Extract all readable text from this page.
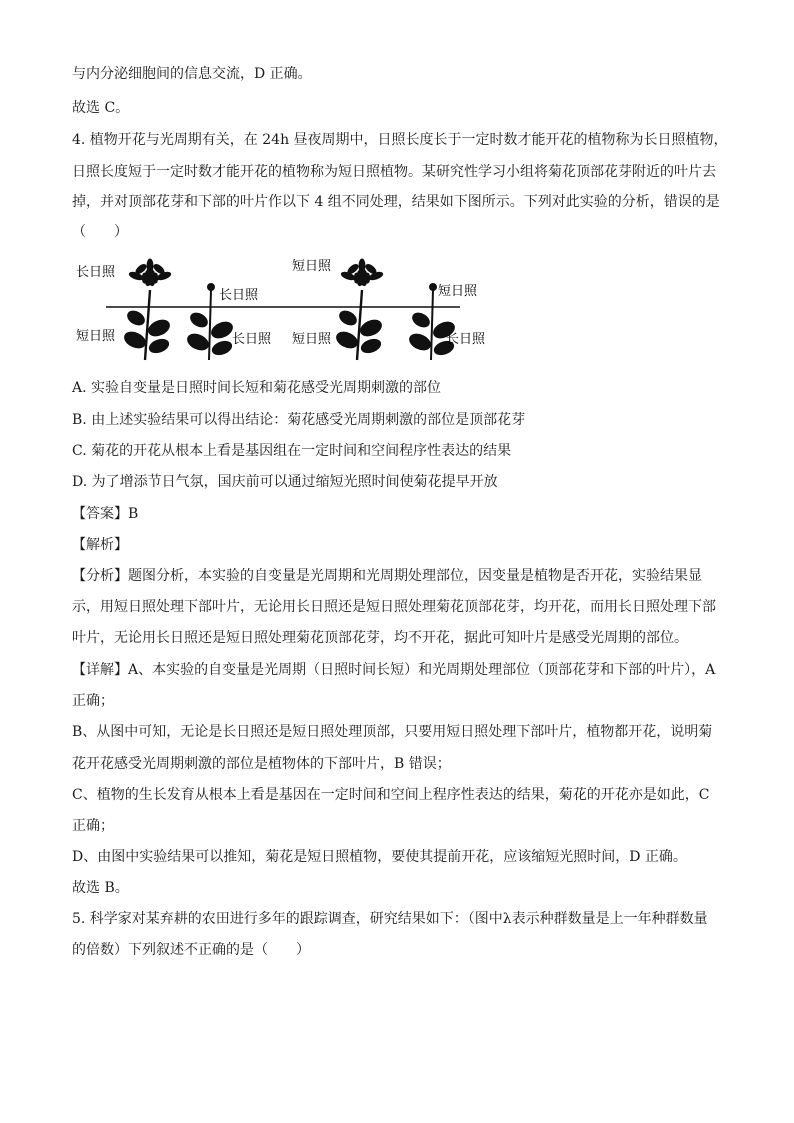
与内分泌细胞间的信息交流，D 正确。

故选 C。

4. 植物开花与光周期有关，在 24h 昼夜周期中，日照长度长于一定时数才能开花的植物称为长日照植物，

日照长度短于一定时数才能开花的植物称为短日照植物。某研究性学习小组将菊花顶部花芽附近的叶片去

掉，并对顶部花芽和下部的叶片作以下 4 组不同处理，结果如下图所示。下列对此实验的分析，错误的是

（　　）

长日照
长日照
短日照
短日照
短日照	长日照 短日照	长日照

A. 实验自变量是日照时间长短和菊花感受光周期刺激的部位

B. 由上述实验结果可以得出结论：菊花感受光周期刺激的部位是顶部花芽

C. 菊花的开花从根本上看是基因组在一定时间和空间程序性表达的结果

D. 为了增添节日气氛，国庆前可以通过缩短光照时间使菊花提早开放

【答案】B

【解析】

【分析】题图分析，本实验的自变量是光周期和光周期处理部位，因变量是植物是否开花，实验结果显

示，用短日照处理下部叶片，无论用长日照还是短日照处理菊花顶部花芽，均开花，而用长日照处理下部

叶片，无论用长日照还是短日照处理菊花顶部花芽，均不开花，据此可知叶片是感受光周期的部位。

【详解】A、本实验的自变量是光周期（日照时间长短）和光周期处理部位（顶部花芽和下部的叶片），A

正确；

B、从图中可知，无论是长日照还是短日照处理顶部，只要用短日照处理下部叶片，植物都开花，说明菊

花开花感受光周期刺激的部位是植物体的下部叶片，B 错误；

C、植物的生长发育从根本上看是基因在一定时间和空间上程序性表达的结果，菊花的开花亦是如此，C

正确；

D、由图中实验结果可以推知，菊花是短日照植物，要使其提前开花，应该缩短光照时间，D 正确。

故选 B。

5. 科学家对某弃耕的农田进行多年的跟踪调查，研究结果如下：（图中λ表示种群数量是上一年种群数量

的倍数）下列叙述不正确的是（　　）
